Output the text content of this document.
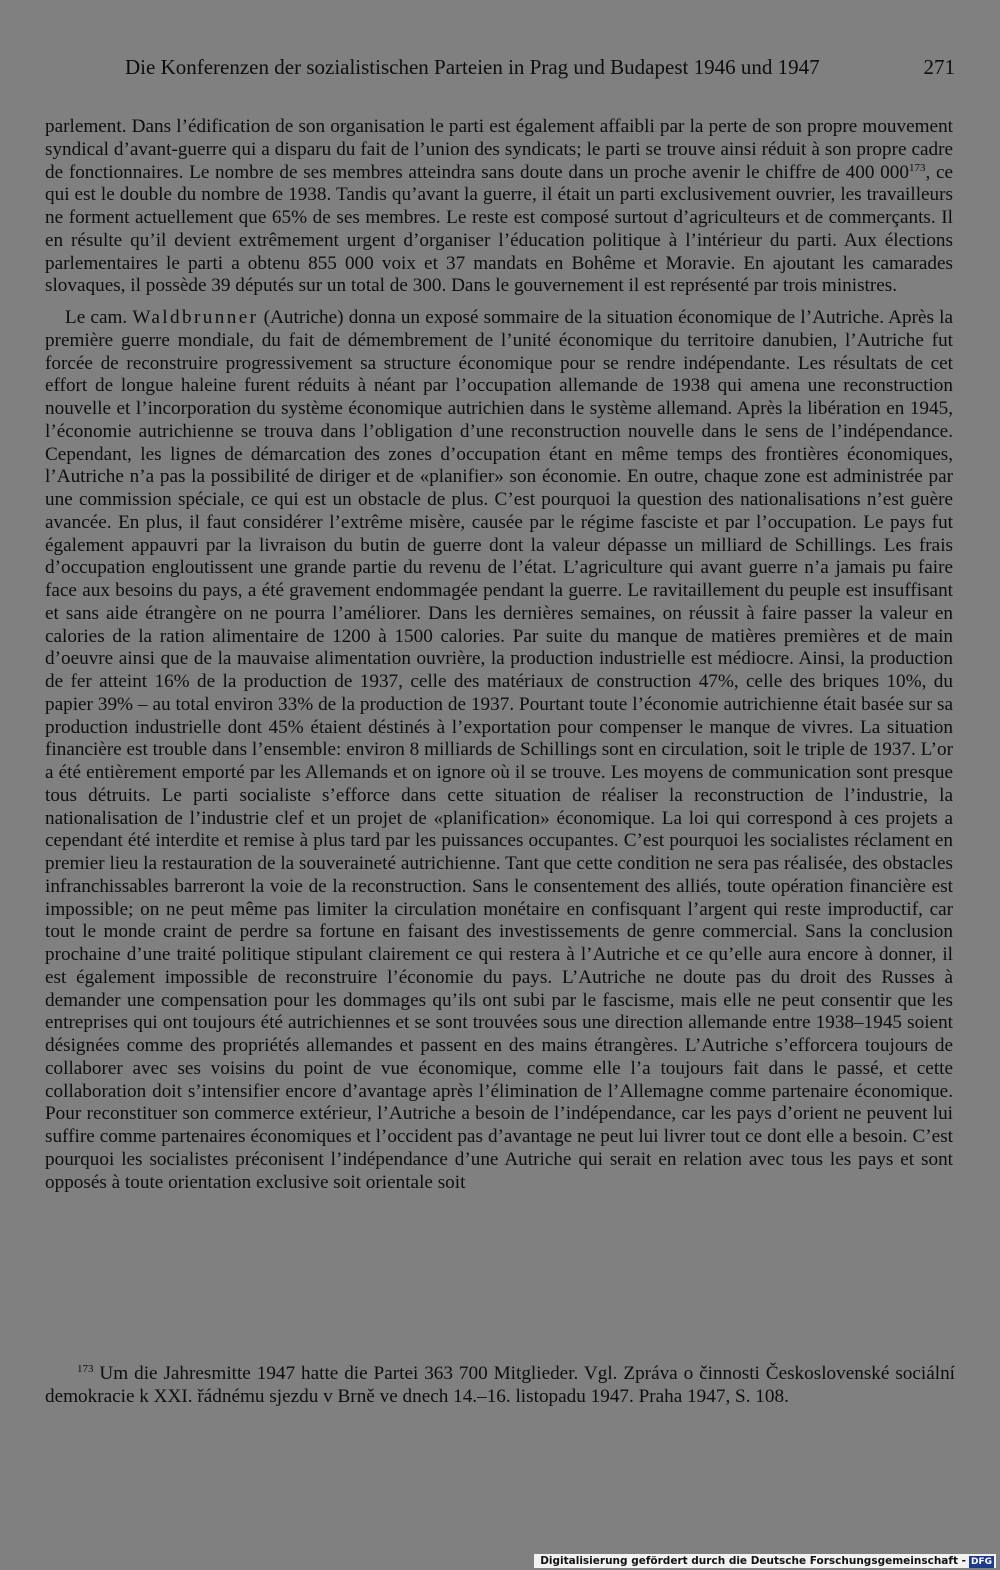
Die Konferenzen der sozialistischen Parteien in Prag und Budapest 1946 und 1947	271

parlement. Dans l’édification de son organisation le parti est également affaibli par la perte de son propre mouvement syndical d’avant-guerre qui a disparu du fait de l’union des syndicats; le parti se trouve ainsi réduit à son propre cadre de fonctionnaires. Le nombre de ses membres atteindra sans doute dans un proche avenir le chiffre de 400 $000^{173}$, ce qui est le double du nombre de 1938. Tandis qu’avant la guerre, il était un parti exclusivement ouvrier, les travailleurs ne forment actuellement que 65% de ses membres. Le reste est composé surtout d’agriculteurs et de commerçants. Il en résulte qu’il devient extrêmement urgent d’organiser l’éducation politique à l’intérieur du parti. Aux élections parlementaires le parti a obtenu 855 000 voix et 37 mandats en Bohême et Moravie. En ajoutant les camarades slovaques, il possède 39 députés sur un total de 300. Dans le gouvernement il est représenté par trois ministres.

Le cam. Waldbrunner (Autriche) donna un exposé sommaire de la situation économique de l’Autriche. Après la première guerre mondiale, du fait de démembrement de l’unité économique du territoire danubien, l’Autriche fut forcée de reconstruire progressivement sa structure économique pour se rendre indépendante. Les résultats de cet effort de longue haleine furent réduits à néant par l’occupation allemande de 1938 qui amena une reconstruction nouvelle et l’incorporation du système économique autrichien dans le système allemand. Après la libération en 1945, l’économie autrichienne se trouva dans l’obligation d’une reconstruction nouvelle dans le sens de l’indépendance. Cependant, les lignes de démarcation des zones d’occupation étant en même temps des frontières économiques, l’Autriche n’a pas la possibilité de diriger et de «planifier» son économie. En outre, chaque zone est administrée par une commission spéciale, ce qui est un obstacle de plus. C’est pourquoi la question des nationalisations n’est guère avancée. En plus, il faut considérer l’extrême misère, causée par le régime fasciste et par l’occupation. Le pays fut également appauvri par la livraison du butin de guerre dont la valeur dépasse un milliard de Schillings. Les frais d’occupation engloutissent une grande partie du revenu de l’état. L’agriculture qui avant guerre n’a jamais pu faire face aux besoins du pays, a été gravement endommagée pendant la guerre. Le ravitaillement du peuple est insuffisant et sans aide étrangère on ne pourra l’améliorer. Dans les dernières semaines, on réussit à faire passer la valeur en calories de la ration alimentaire de 1200 à 1500 calories. Par suite du manque de matières premières et de main d’oeuvre ainsi que de la mauvaise alimentation ouvrière, la production industrielle est médiocre. Ainsi, la production de fer atteint 16% de la production de 1937, celle des matériaux de construction 47%, celle des briques 10%, du papier 39% – au total environ 33% de la production de 1937. Pourtant toute l’économie autrichienne était basée sur sa production industrielle dont 45% étaient déstinés à l’exportation pour compenser le manque de vivres. La situation financière est trouble dans l’ensemble: environ 8 milliards de Schillings sont en circulation, soit le triple de 1937. L’or a été entièrement emporté par les Allemands et on ignore où il se trouve. Les moyens de communication sont presque tous détruits. Le parti socialiste s’efforce dans cette situation de réaliser la reconstruction de l’industrie, la nationalisation de l’industrie clef et un projet de «planification» économique. La loi qui correspond à ces projets a cependant été interdite et remise à plus tard par les puissances occupantes. C’est pourquoi les socialistes réclament en premier lieu la restauration de la souveraineté autrichienne. Tant que cette condition ne sera pas réalisée, des obstacles infranchissables barreront la voie de la reconstruction. Sans le consentement des alliés, toute opération financière est impossible; on ne peut même pas limiter la circulation monétaire en confisquant l’argent qui reste improductif, car tout le monde craint de perdre sa fortune en faisant des investissements de genre commercial. Sans la conclusion prochaine d’une traité politique stipulant clairement ce qui restera à l’Autriche et ce qu’elle aura encore à donner, il est également impossible de reconstruire l’économie du pays. L’Autriche ne doute pas du droit des Russes à demander une compensation pour les dommages qu’ils ont subi par le fascisme, mais elle ne peut consentir que les entreprises qui ont toujours été autrichiennes et se sont trouvées sous une direction allemande entre 1938–1945 soient désignées comme des propriétés allemandes et passent en des mains étrangères. L’Autriche s’efforcera toujours de collaborer avec ses voisins du point de vue économique, comme elle l’a toujours fait dans le passé, et cette collaboration doit s’intensifier encore d’avantage après l’élimination de l’Allemagne comme partenaire économique. Pour reconstituer son commerce extérieur, l’Autriche a besoin de l’indépendance, car les pays d’orient ne peuvent lui suffire comme partenaires économiques et l’occident pas d’avantage ne peut lui livrer tout ce dont elle a besoin. C’est pourquoi les socialistes préconisent l’indépendance d’une Autriche qui serait en relation avec tous les pays et sont opposés à toute orientation exclusive soit orientale soit

$^{173}$ Um die Jahresmitte 1947 hatte die Partei 363 700 Mitglieder. Vgl. Zpráva o činnosti Československé sociální demokracie k XXI. řádnému sjezdu v Brně ve dnech 14.–16. listopadu 1947. Praha 1947, S. 108.

Digitalisierung gefördert durch die Deutsche Forschungsgemeinschaft - DFG
